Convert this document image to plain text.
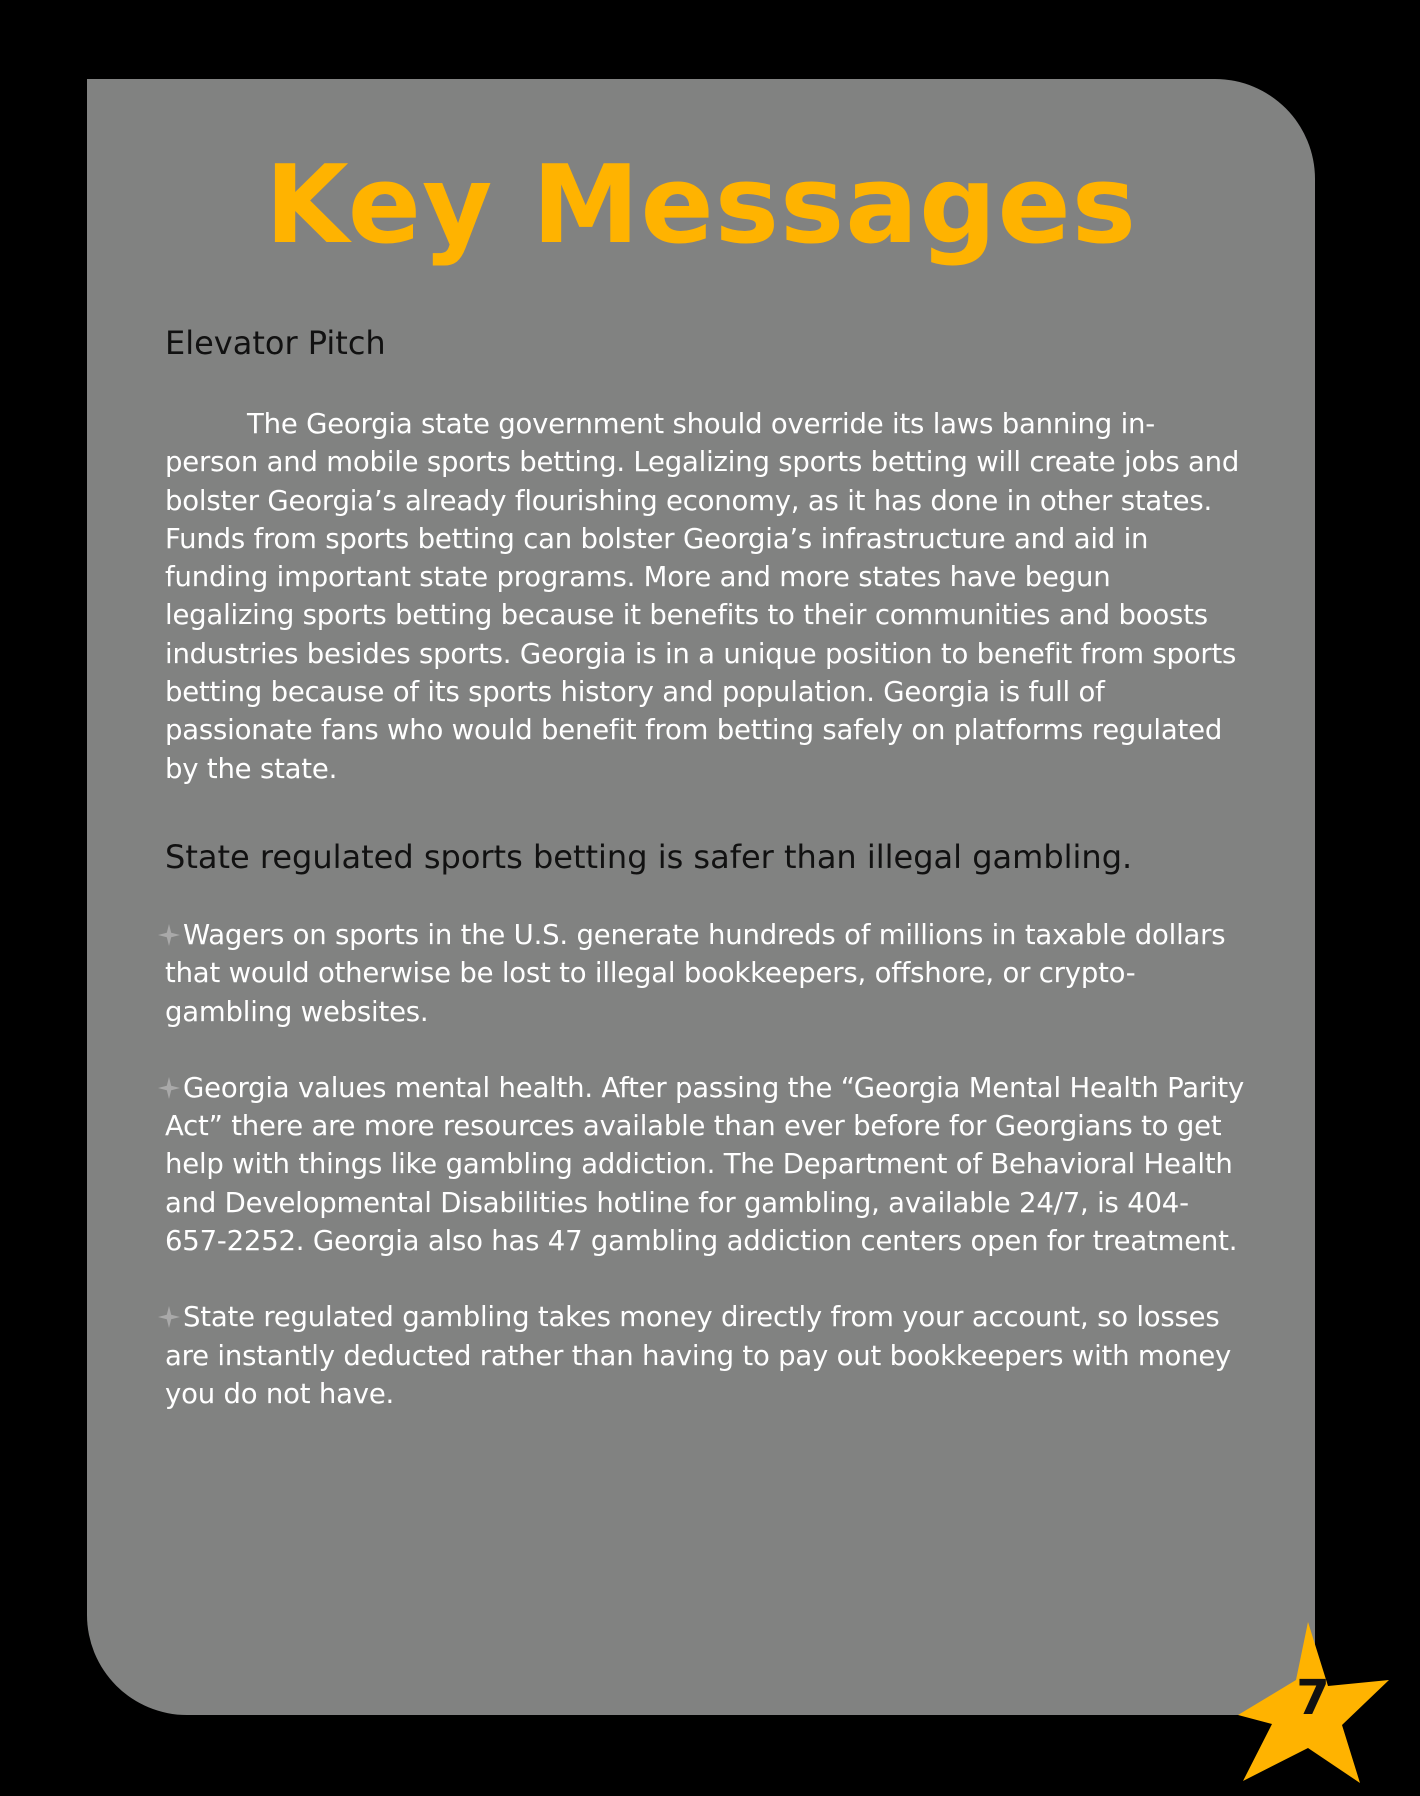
Key Messages
Elevator Pitch

The Georgia state government should override its laws banning in-person and mobile sports betting. Legalizing sports betting will create jobs and bolster Georgia’s already flourishing economy, as it has done in other states. Funds from sports betting can bolster Georgia’s infrastructure and aid in funding important state programs. More and more states have begun legalizing sports betting because it benefits to their communities and boosts industries besides sports. Georgia is in a unique position to benefit from sports betting because of its sports history and population. Georgia is full of passionate fans who would benefit from betting safely on platforms regulated by the state.

State regulated sports betting is safer than illegal gambling.

Wagers on sports in the U.S. generate hundreds of millions in taxable dollars that would otherwise be lost to illegal bookkeepers, offshore, or crypto-gambling websites.

Georgia values mental health. After passing the “Georgia Mental Health Parity Act” there are more resources available than ever before for Georgians to get help with things like gambling addiction. The Department of Behavioral Health and Developmental Disabilities hotline for gambling, available 24/7, is 404-657-2252. Georgia also has 47 gambling addiction centers open for treatment.

State regulated gambling takes money directly from your account, so losses are instantly deducted rather than having to pay out bookkeepers with money you do not have.

7
